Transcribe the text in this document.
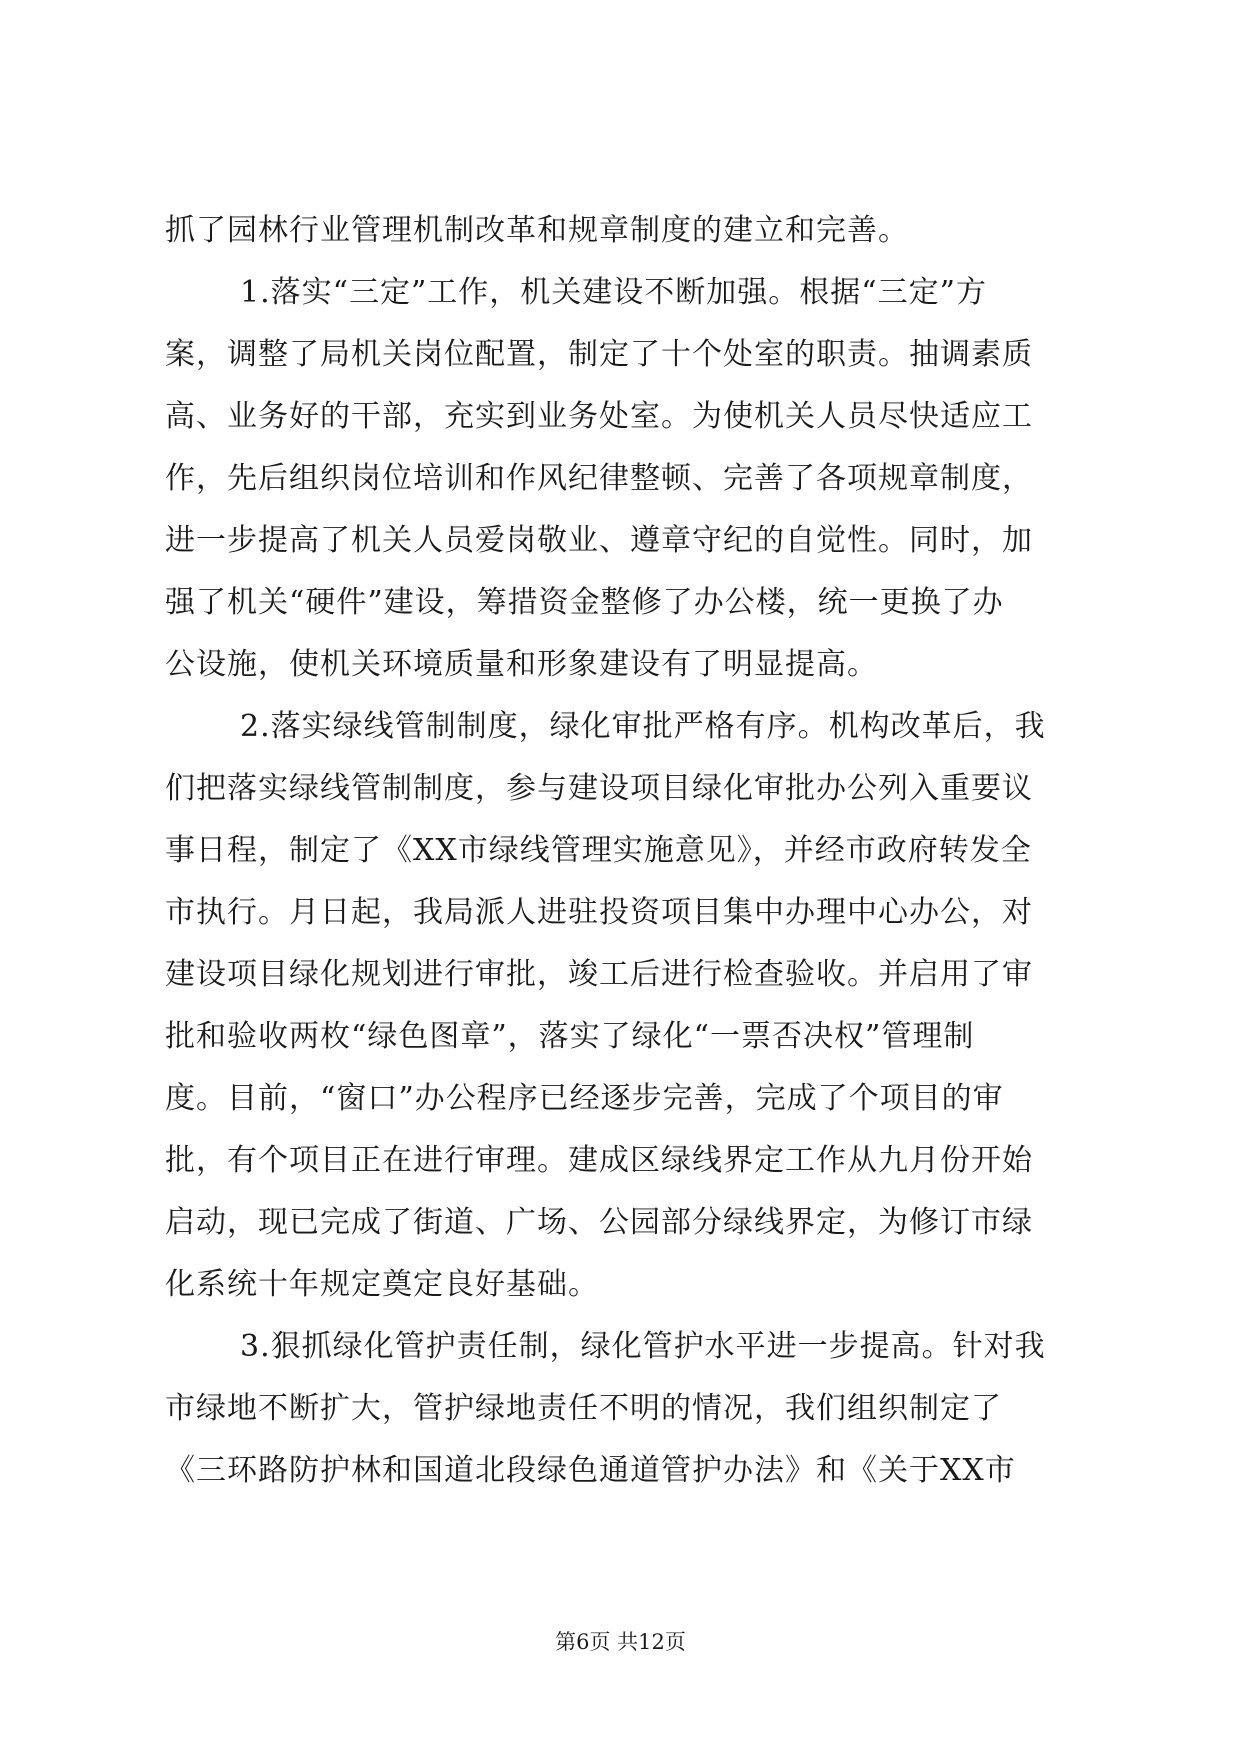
抓了园林行业管理机制改革和规章制度的建立和完善。
1.落实“三定”工作，机关建设不断加强。根据“三定”方
案，调整了局机关岗位配置，制定了十个处室的职责。抽调素质
高、业务好的干部，充实到业务处室。为使机关人员尽快适应工
作，先后组织岗位培训和作风纪律整顿、完善了各项规章制度，
进一步提高了机关人员爱岗敬业、遵章守纪的自觉性。同时，加
强了机关“硬件”建设，筹措资金整修了办公楼，统一更换了办
公设施，使机关环境质量和形象建设有了明显提高。
2.落实绿线管制制度，绿化审批严格有序。机构改革后，我
们把落实绿线管制制度，参与建设项目绿化审批办公列入重要议
事日程，制定了《XX市绿线管理实施意见》，并经市政府转发全
市执行。月日起，我局派人进驻投资项目集中办理中心办公，对
建设项目绿化规划进行审批，竣工后进行检查验收。并启用了审
批和验收两枚“绿色图章”，落实了绿化“一票否决权”管理制
度。目前，“窗口”办公程序已经逐步完善，完成了个项目的审
批，有个项目正在进行审理。建成区绿线界定工作从九月份开始
启动，现已完成了街道、广场、公园部分绿线界定，为修订市绿
化系统十年规定奠定良好基础。
3.狠抓绿化管护责任制，绿化管护水平进一步提高。针对我
市绿地不断扩大，管护绿地责任不明的情况，我们组织制定了
《三环路防护林和国道北段绿色通道管护办法》和《关于XX市
第6页 共12页
